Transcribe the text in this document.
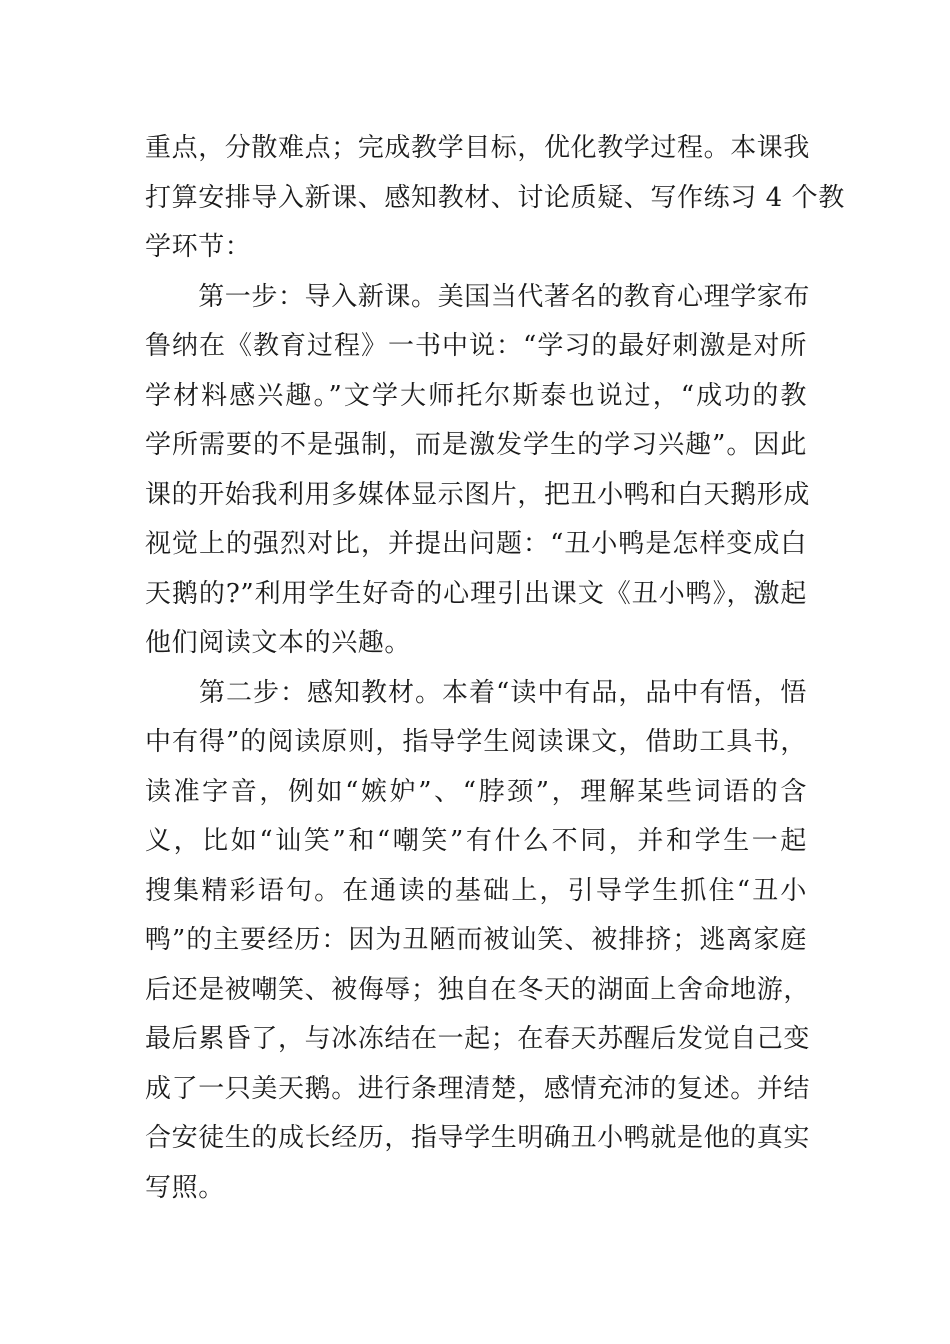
重点，分散难点；完成教学目标，优化教学过程。本课我
打算安排导入新课、感知教材、讨论质疑、写作练习 4 个教
学环节：

　　第一步：导入新课。美国当代著名的教育心理学家布
鲁纳在《教育过程》一书中说：“学习的最好刺激是对所
学材料感兴趣。”文学大师托尔斯泰也说过，“成功的教
学所需要的不是强制，而是激发学生的学习兴趣”。因此
课的开始我利用多媒体显示图片，把丑小鸭和白天鹅形成
视觉上的强烈对比，并提出问题：“丑小鸭是怎样变成白
天鹅的?”利用学生好奇的心理引出课文《丑小鸭》，激起
他们阅读文本的兴趣。

　　第二步：感知教材。本着“读中有品，品中有悟，悟
中有得”的阅读原则，指导学生阅读课文，借助工具书，
读准字音，例如“嫉妒”、“脖颈”，理解某些词语的含
义，比如“讪笑”和“嘲笑”有什么不同，并和学生一起
搜集精彩语句。在通读的基础上，引导学生抓住“丑小
鸭”的主要经历：因为丑陋而被讪笑、被排挤；逃离家庭
后还是被嘲笑、被侮辱；独自在冬天的湖面上舍命地游，
最后累昏了，与冰冻结在一起；在春天苏醒后发觉自己变
成了一只美天鹅。进行条理清楚，感情充沛的复述。并结
合安徒生的成长经历，指导学生明确丑小鸭就是他的真实
写照。
